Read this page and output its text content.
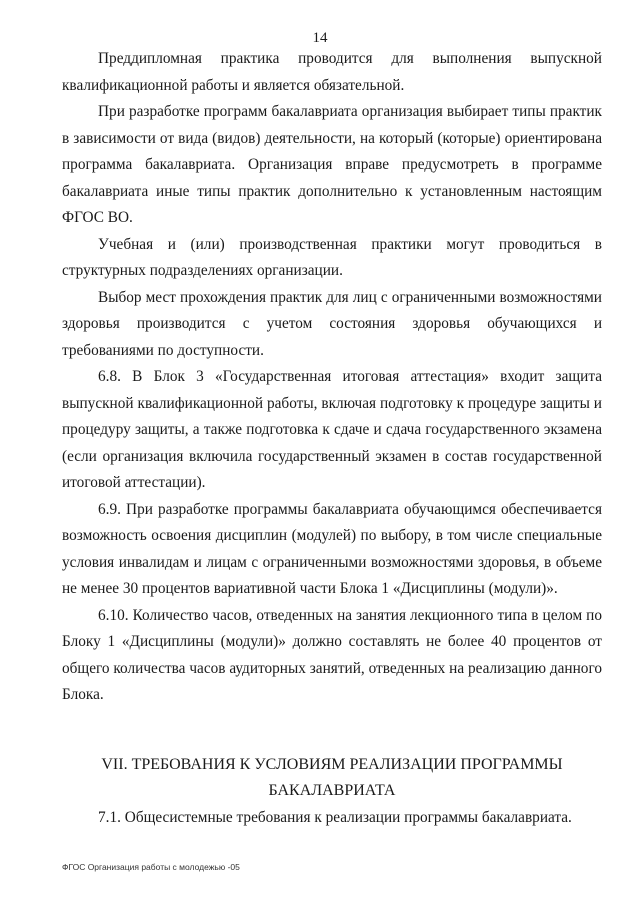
14

Преддипломная практика проводится для выполнения выпускной квалификационной работы и является обязательной.

При разработке программ бакалавриата организация выбирает типы практик в зависимости от вида (видов) деятельности, на который (которые) ориентирована программа бакалавриата. Организация вправе предусмотреть в программе бакалавриата иные типы практик дополнительно к установленным настоящим ФГОС ВО.

Учебная и (или) производственная практики могут проводиться в структурных подразделениях организации.

Выбор мест прохождения практик для лиц с ограниченными возможностями здоровья производится с учетом состояния здоровья обучающихся и требованиями по доступности.

6.8. В Блок 3 «Государственная итоговая аттестация» входит защита выпускной квалификационной работы, включая подготовку к процедуре защиты и процедуру защиты, а также подготовка к сдаче и сдача государственного экзамена (если организация включила государственный экзамен в состав государственной итоговой аттестации).

6.9. При разработке программы бакалавриата обучающимся обеспечивается возможность освоения дисциплин (модулей) по выбору, в том числе специальные условия инвалидам и лицам с ограниченными возможностями здоровья, в объеме не менее 30 процентов вариативной части Блока 1 «Дисциплины (модули)».

6.10. Количество часов, отведенных на занятия лекционного типа в целом по Блоку 1 «Дисциплины (модули)» должно составлять не более 40 процентов от общего количества часов аудиторных занятий, отведенных на реализацию данного Блока.

VII. ТРЕБОВАНИЯ К УСЛОВИЯМ РЕАЛИЗАЦИИ ПРОГРАММЫ
БАКАЛАВРИАТА

7.1. Общесистемные требования к реализации программы бакалавриата.

ФГОС Организация работы с молодежью -05
